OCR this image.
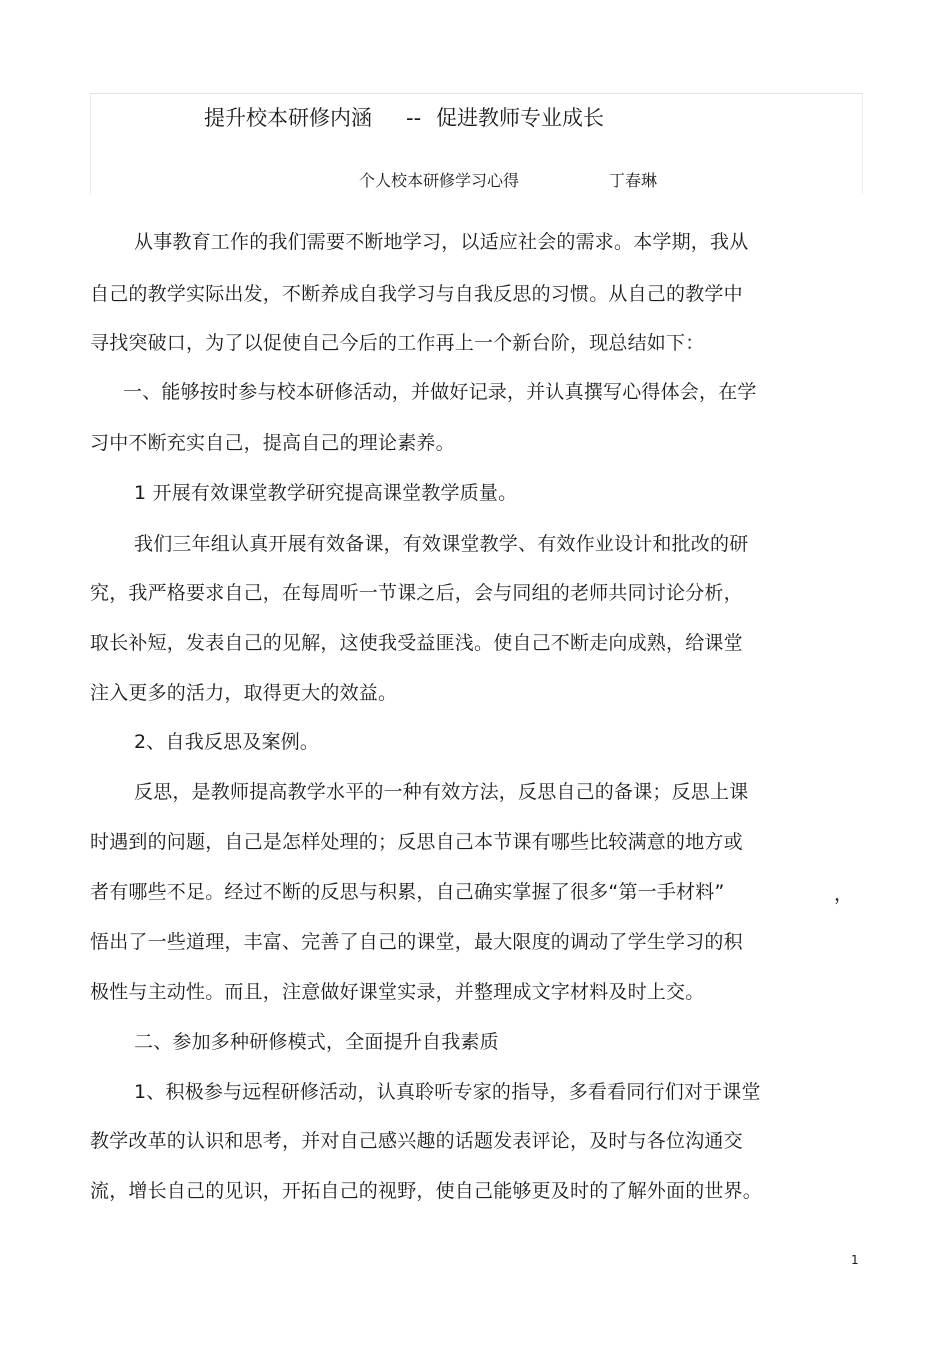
提升校本研修内涵 -- 促进教师专业成长
个人校本研修学习心得	丁春琳
从事教育工作的我们需要不断地学习，以适应社会的需求。本学期，我从
自己的教学实际出发，不断养成自我学习与自我反思的习惯。从自己的教学中
寻找突破口，为了以促使自己今后的工作再上一个新台阶，现总结如下：
一、能够按时参与校本研修活动，并做好记录，并认真撰写心得体会，在学
习中不断充实自己，提高自己的理论素养。
1 开展有效课堂教学研究提高课堂教学质量。
我们三年组认真开展有效备课，有效课堂教学、有效作业设计和批改的研
究，我严格要求自己，在每周听一节课之后，会与同组的老师共同讨论分析，
取长补短，发表自己的见解，这使我受益匪浅。使自己不断走向成熟，给课堂
注入更多的活力，取得更大的效益。
2、自我反思及案例。
反思，是教师提高教学水平的一种有效方法，反思自己的备课；反思上课
时遇到的问题，自己是怎样处理的；反思自己本节课有哪些比较满意的地方或
者有哪些不足。经过不断的反思与积累，自己确实掌握了很多“第一手材料”	，
悟出了一些道理，丰富、完善了自己的课堂，最大限度的调动了学生学习的积
极性与主动性。而且，注意做好课堂实录，并整理成文字材料及时上交。
二、参加多种研修模式，全面提升自我素质
1、积极参与远程研修活动，认真聆听专家的指导，多看看同行们对于课堂
教学改革的认识和思考，并对自己感兴趣的话题发表评论，及时与各位沟通交
流，增长自己的见识，开拓自己的视野，使自己能够更及时的了解外面的世界。
1
